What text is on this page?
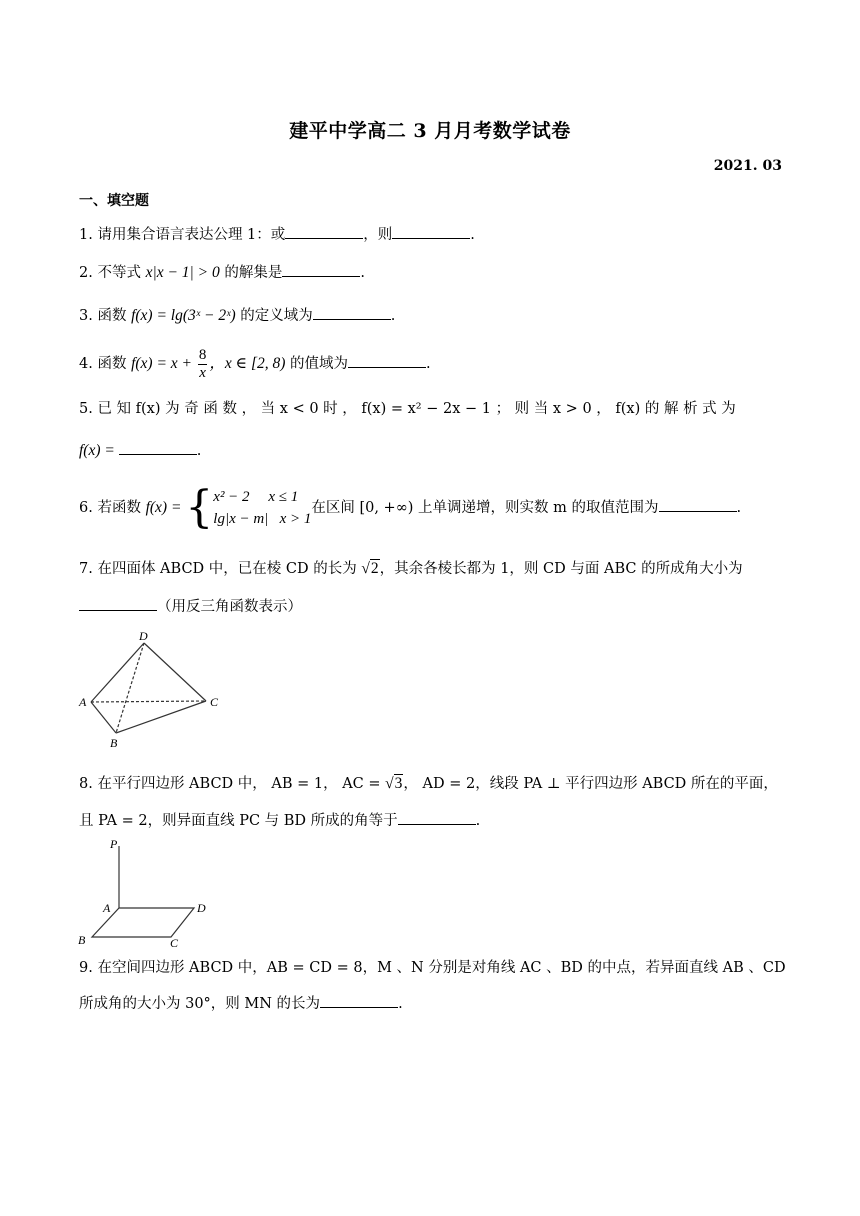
建平中学高二 3 月月考数学试卷
2021. 03
一、填空题
1. 请用集合语言表达公理 1：或	，则	.
2. 不等式 x|x − 1| > 0 的解集是	.
3. 函数 f(x) = lg(3ˣ − 2ˣ) 的定义域为	.
4. 函数 $f(x) = x + \frac{8}{x}$ ，x ∈ [2, 8) 的值域为	.
5. 已 知 f(x) 为 奇 函 数 ， 当 x < 0 时 ， f(x) = x² − 2x − 1 ； 则 当 x > 0 ， f(x) 的 解 析 式 为
f(x) =	.
6. 若函数 f(x) = { x² − 2 x ≤ 1
lg|x − m| x > 1
在区间 [0, +∞) 上单调递增，则实数 m 的取值范围为	.
7. 在四面体 ABCD 中，已在棱 CD 的长为 √2，其余各棱长都为 1，则 CD 与面 ABC 的所成角大小为
（用反三角函数表示）
D
A
B
C
8. 在平行四边形 ABCD 中， AB = 1， AC = √3， AD = 2，线段 PA ⊥ 平行四边形 ABCD 所在的平面，
且 PA = 2，则异面直线 PC 与 BD 所成的角等于	.
P
A	D
B	C
9. 在空间四边形 ABCD 中，AB = CD = 8，M 、N 分别是对角线 AC 、BD 的中点，若异面直线 AB 、CD
所成角的大小为 30°，则 MN 的长为	.
